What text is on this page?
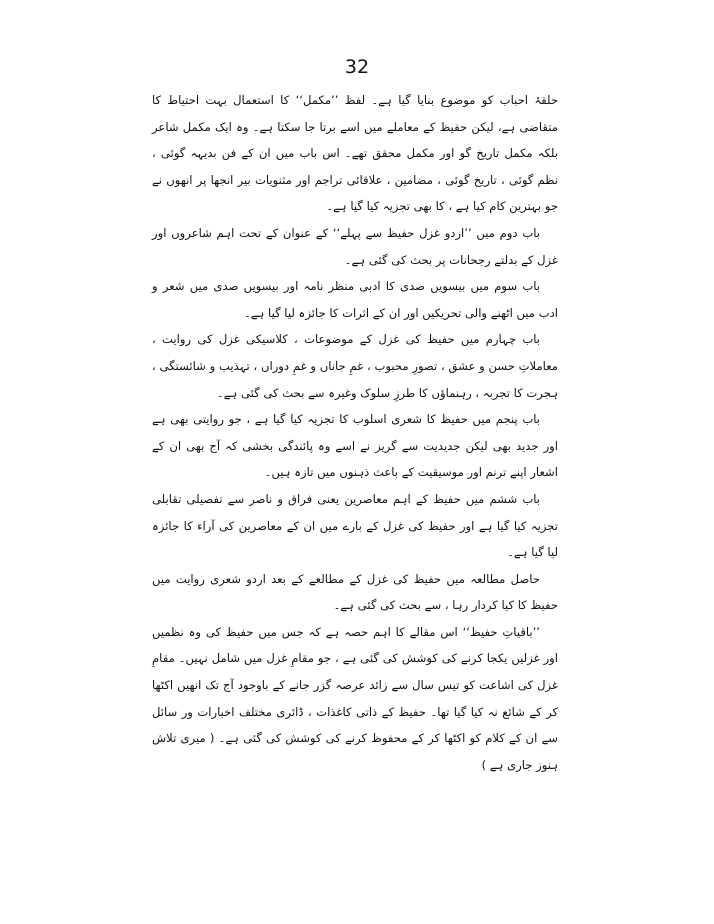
32

حلقۂ احباب کو موضوع بنایا گیا ہے۔ لفظ ’’مکمل‘‘ کا استعمال بہت احتیاط کا متقاضی ہے، لیکن حفیظ کے معاملے میں اسے برتا جا سکتا ہے۔ وہ ایک مکمل شاعر بلکہ مکمل تاریخ گو اور مکمل محقق تھے۔ اس باب میں ان کے فن بدیہہ گوئی ، نظم گوئی ، تاریخ گوئی ، مضامین ، علاقائی تراجم اور مثنویات بیر انجھا پر انھوں نے جو بہترین کام کیا ہے ، کا بھی تجزیہ کیا گیا ہے۔

باب دوم میں ’’اردو غزل حفیظ سے پہلے‘‘ کے عنوان کے تحت اہم شاعروں اور غزل کے بدلتے رجحانات پر بحث کی گئی ہے۔

باب سوم میں بیسویں صدی کا ادبی منظر نامہ اور بیسویں صدی میں شعر و ادب میں اٹھنے والی تحریکیں اور ان کے اثرات کا جائزہ لیا گیا ہے۔

باب چہارم میں حفیظ کی غزل کے موضوعات ، کلاسیکی غزل کی روایت ، معاملاتِ حسن و عشق ، تصورِ محبوب ، غمِ جاناں و غمِ دوراں ، تہذیب و شائستگی ، ہجرت کا تجربہ ، رہنماؤں کا طرزِ سلوک وغیرہ سے بحث کی گئی ہے۔

باب پنجم میں حفیظ کا شعری اسلوب کا تجزیہ کیا گیا ہے ، جو روایتی بھی ہے اور جدید بھی لیکن جدیدیت سے گریز نے اسے وہ پائندگی بخشی کہ آج بھی ان کے اشعار اپنے ترنم اور موسیقیت کے باعث ذہنوں میں تازہ ہیں۔

باب ششم میں حفیظ کے اہم معاصرین یعنی فراق و ناصر سے تفصیلی تقابلی تجزیہ کیا گیا ہے اور حفیظ کی غزل کے بارے میں ان کے معاصرین کی آراء کا جائزہ لیا گیا ہے۔

حاصل مطالعہ میں حفیظ کی غزل کے مطالعے کے بعد اردو شعری روایت میں حفیظ کا کیا کردار رہا ، سے بحث کی گئی ہے۔

’’باقیاتِ حفیظ‘‘ اس مقالے کا اہم حصہ ہے کہ جس میں حفیظ کی وہ نظمیں اور غزلیں یکجا کرنے کی کوشش کی گئی ہے ، جو مقامِ غزل میں شامل نہیں۔ مقامِ غزل کی اشاعت کو تیس سال سے زائد عرصہ گزر جانے کے باوجود آج تک انھیں اکٹھا کر کے شائع نہ کیا گیا تھا۔ حفیظ کے ذاتی کاغذات ، ڈائری مختلف اخبارات ور سائل سے ان کے کلام کو اکٹھا کر کے محفوظ کرنے کی کوشش کی گئی ہے۔ ( میری تلاش ہنوز جاری ہے )
